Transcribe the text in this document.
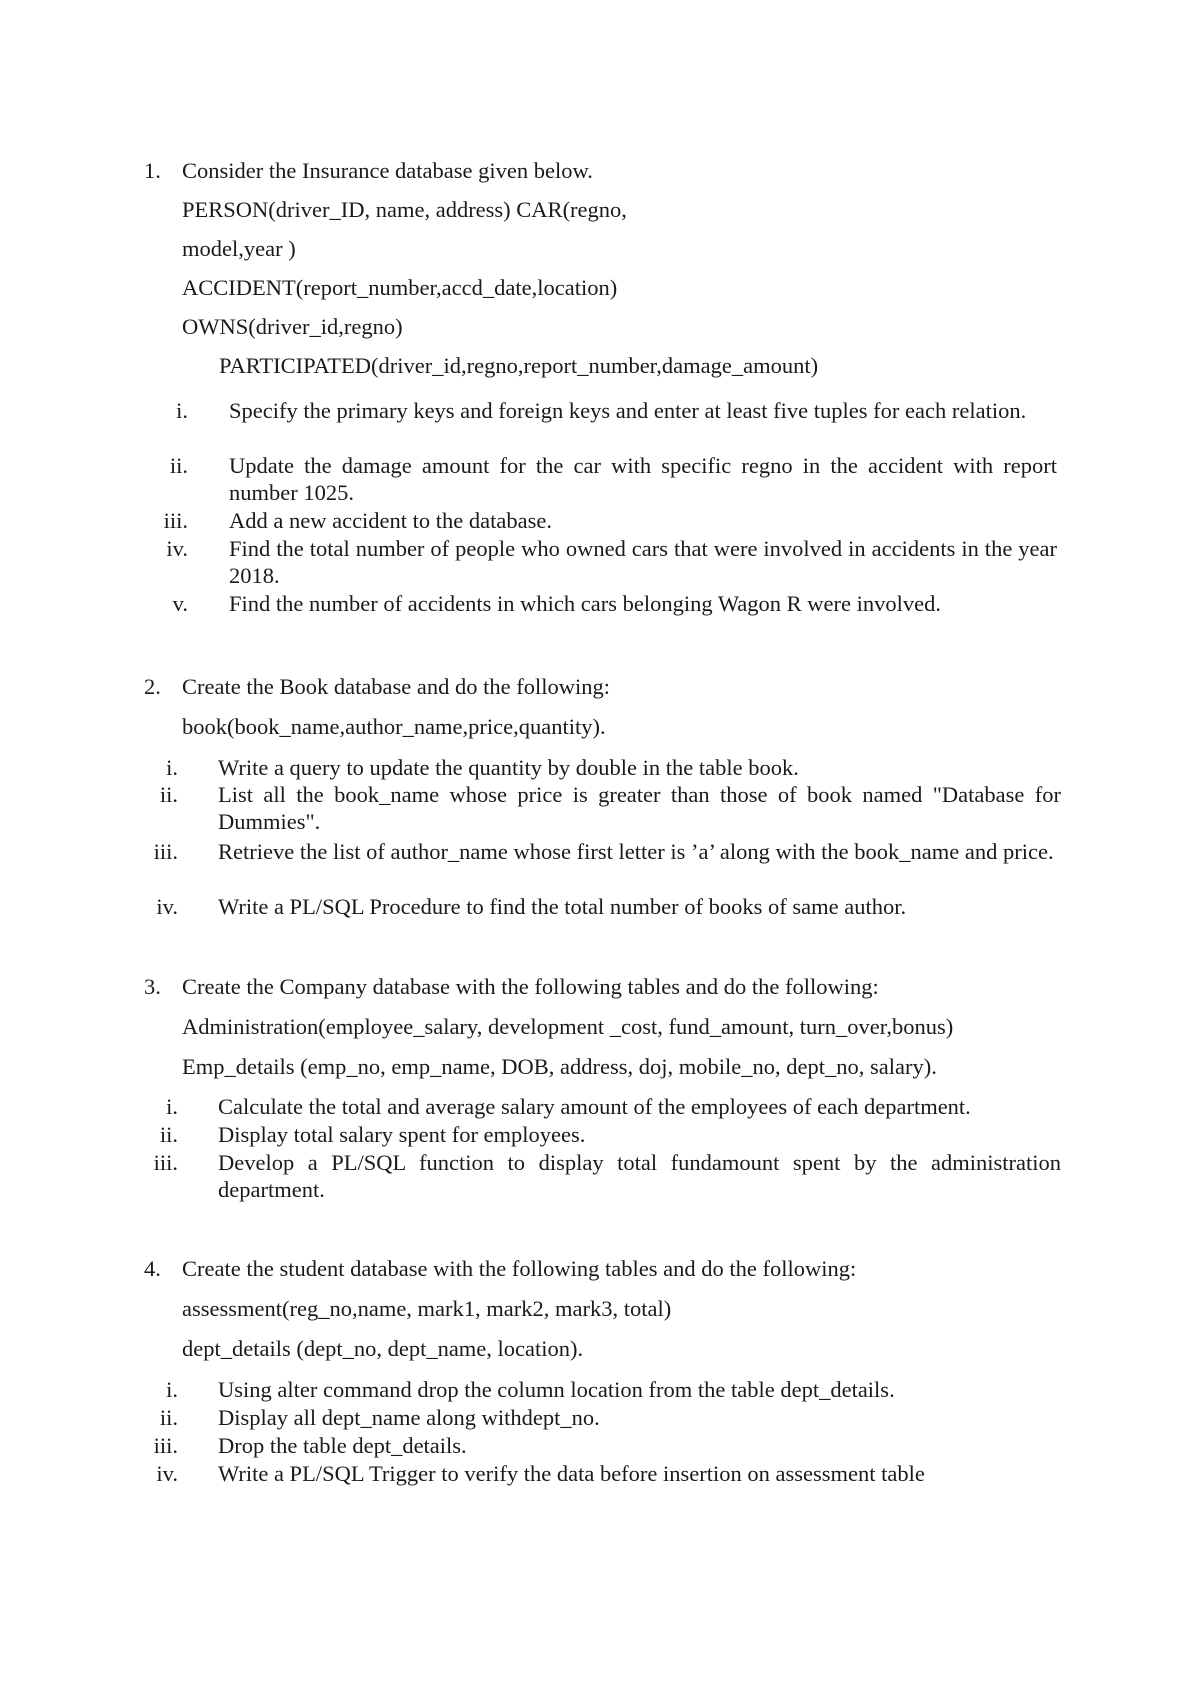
1. Consider the Insurance database given below.
PERSON(driver_ID, name, address) CAR(regno,
model,year )
ACCIDENT(report_number,accd_date,location)
OWNS(driver_id,regno)
PARTICIPATED(driver_id,regno,report_number,damage_amount)
i. Specify the primary keys and foreign keys and enter at least five tuples for each relation.
ii. Update the damage amount for the car with specific regno in the accident with report number 1025.
iii. Add a new accident to the database.
iv. Find the total number of people who owned cars that were involved in accidents in the year 2018.
v. Find the number of accidents in which cars belonging Wagon R were involved.
2. Create the Book database and do the following:
book(book_name,author_name,price,quantity).
i. Write a query to update the quantity by double in the table book.
ii. List all the book_name whose price is greater than those of book named "Database for Dummies".
iii. Retrieve the list of author_name whose first letter is ’a’ along with the book_name and price.
iv. Write a PL/SQL Procedure to find the total number of books of same author.
3. Create the Company database with the following tables and do the following:
Administration(employee_salary, development _cost, fund_amount, turn_over,bonus)
Emp_details (emp_no, emp_name, DOB, address, doj, mobile_no, dept_no, salary).
i. Calculate the total and average salary amount of the employees of each department.
ii. Display total salary spent for employees.
iii. Develop a PL/SQL function to display total fundamount spent by the administration department.
4. Create the student database with the following tables and do the following:
assessment(reg_no,name, mark1, mark2, mark3, total)
dept_details (dept_no, dept_name, location).
i. Using alter command drop the column location from the table dept_details.
ii. Display all dept_name along withdept_no.
iii. Drop the table dept_details.
iv. Write a PL/SQL Trigger to verify the data before insertion on assessment table
